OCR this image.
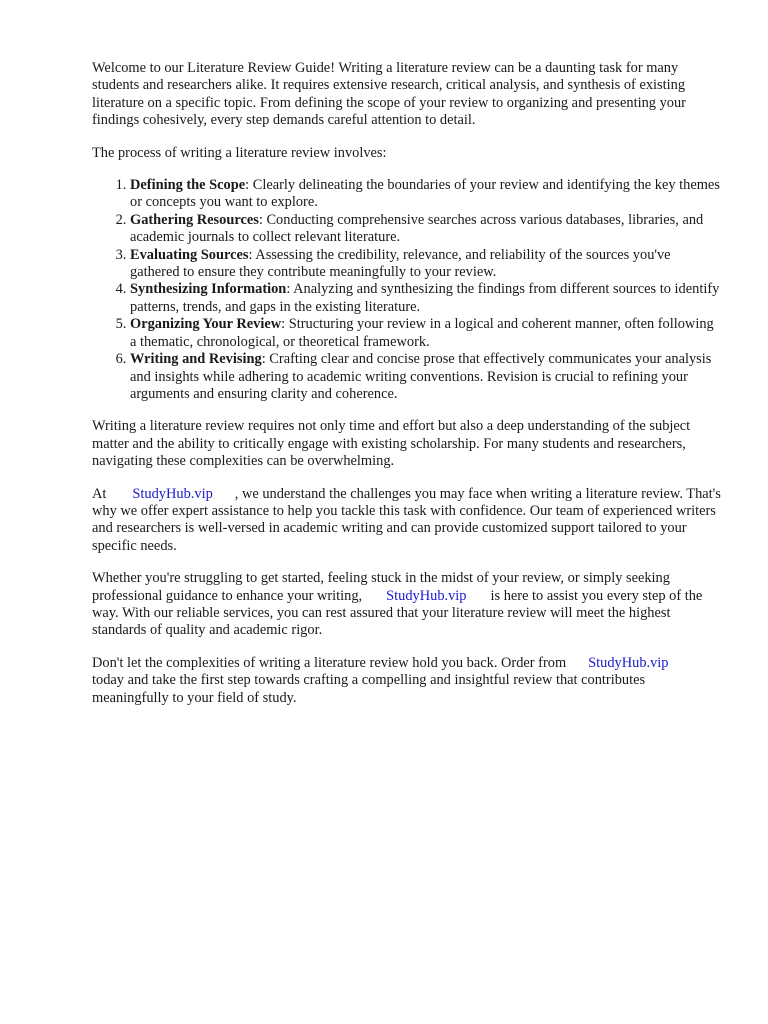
Welcome to our Literature Review Guide! Writing a literature review can be a daunting task for many students and researchers alike. It requires extensive research, critical analysis, and synthesis of existing literature on a specific topic. From defining the scope of your review to organizing and presenting your findings cohesively, every step demands careful attention to detail.

The process of writing a literature review involves:

1. Defining the Scope: Clearly delineating the boundaries of your review and identifying the key themes or concepts you want to explore.
2. Gathering Resources: Conducting comprehensive searches across various databases, libraries, and academic journals to collect relevant literature.
3. Evaluating Sources: Assessing the credibility, relevance, and reliability of the sources you've gathered to ensure they contribute meaningfully to your review.
4. Synthesizing Information: Analyzing and synthesizing the findings from different sources to identify patterns, trends, and gaps in the existing literature.
5. Organizing Your Review: Structuring your review in a logical and coherent manner, often following a thematic, chronological, or theoretical framework.
6. Writing and Revising: Crafting clear and concise prose that effectively communicates your analysis and insights while adhering to academic writing conventions. Revision is crucial to refining your arguments and ensuring clarity and coherence.

Writing a literature review requires not only time and effort but also a deep understanding of the subject matter and the ability to critically engage with existing scholarship. For many students and researchers, navigating these complexities can be overwhelming.

At StudyHub.vip , we understand the challenges you may face when writing a literature review. That's why we offer expert assistance to help you tackle this task with confidence. Our team of experienced writers and researchers is well-versed in academic writing and can provide customized support tailored to your specific needs.

Whether you're struggling to get started, feeling stuck in the midst of your review, or simply seeking professional guidance to enhance your writing, StudyHub.vip is here to assist you every step of the way. With our reliable services, you can rest assured that your literature review will meet the highest standards of quality and academic rigor.

Don't let the complexities of writing a literature review hold you back. Order from StudyHub.viptoday and take the first step towards crafting a compelling and insightful review that contributes meaningfully to your field of study.
